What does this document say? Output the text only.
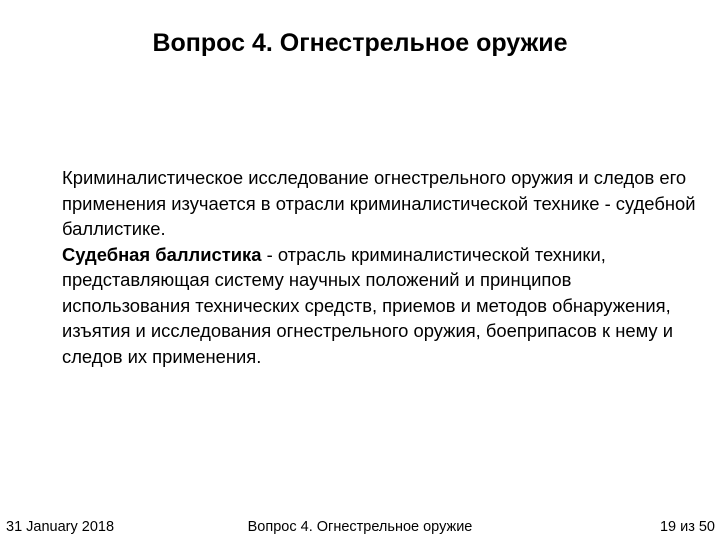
Вопрос 4. Огнестрельное оружие

Криминалистическое исследование огнестрельного оружия и следов его применения изучается в отрасли криминалистической технике - судебной баллистике.

Судебная баллистика - отрасль криминалистической техники, представляющая систему научных положений и принципов использования технических средств, приемов и методов обнаружения, изъятия и исследования огнестрельного оружия, боеприпасов к нему и следов их применения.

31 January 2018	Вопрос 4. Огнестрельное оружие	19 из 50
